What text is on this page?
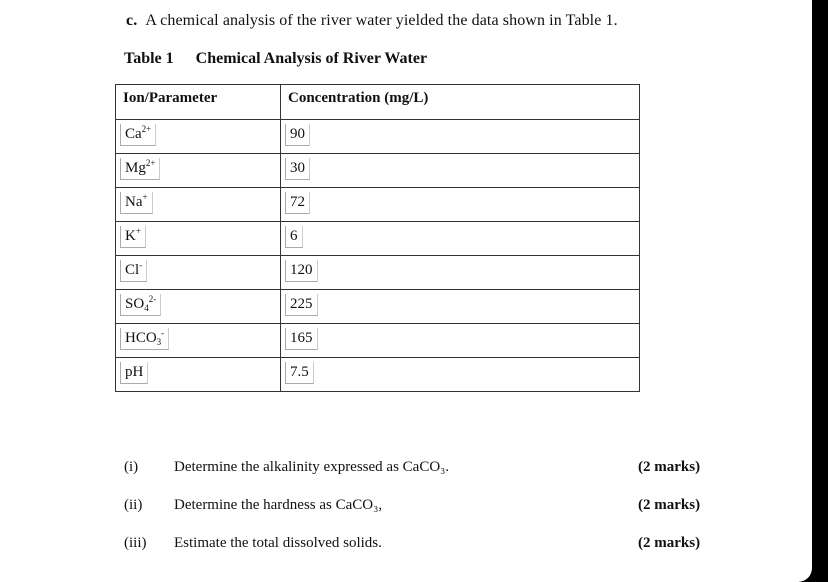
c. A chemical analysis of the river water yielded the data shown in Table 1.
Table 1 Chemical Analysis of River Water
Ion/Parameter	Concentration (mg/L)
$Ca^{2+}$	90
$Mg^{2+}$	30
Na+	72
K+	6
Cl-	120
$SO_4^{2-}$	225
$HCO_3^-$	165
pH	7.5
(i) Determine the alkalinity expressed as CaCO₃.	(2 marks)
(ii) Determine the hardness as CaCO₃,	(2 marks)
(iii) Estimate the total dissolved solids.	(2 marks)
